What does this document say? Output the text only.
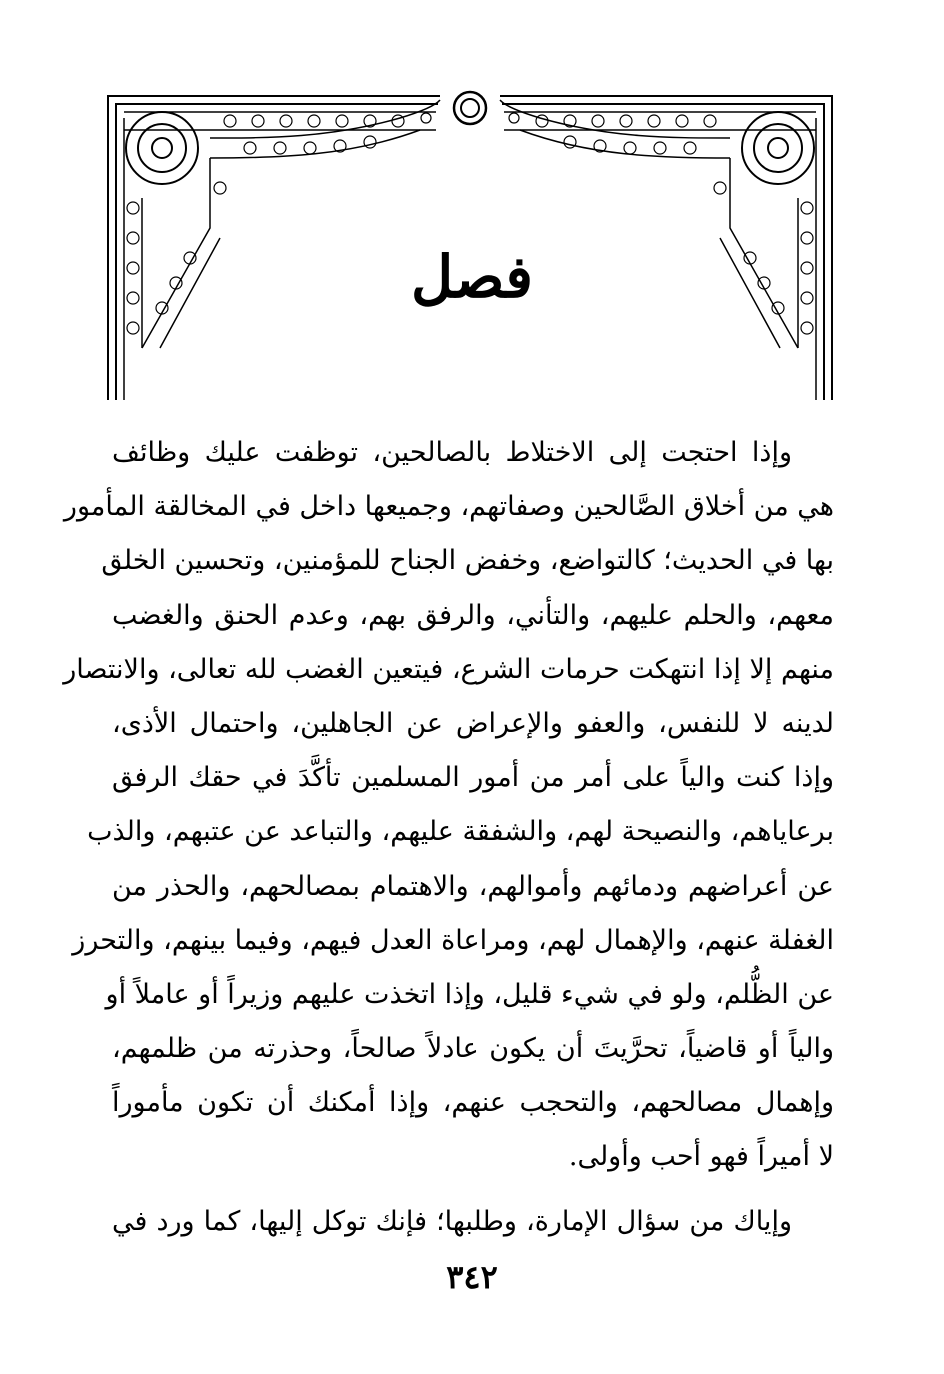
فصل
وإذا احتجت إلى الاختلاط بالصالحين، توظفت عليك وظائف
هي من أخلاق الصَّالحين وصفاتهم، وجميعها داخل في المخالقة المأمور
بها في الحديث؛ كالتواضع، وخفض الجناح للمؤمنين، وتحسين الخلق
معهم، والحلم عليهم، والتأني، والرفق بهم، وعدم الحنق والغضب
منهم إلا إذا انتهكت حرمات الشرع، فيتعين الغضب لله تعالى، والانتصار
لدينه لا للنفس، والعفو والإعراض عن الجاهلين، واحتمال الأذى،
وإذا كنت والياً على أمر من أمور المسلمين تأكَّدَ في حقك الرفق
برعاياهم، والنصيحة لهم، والشفقة عليهم، والتباعد عن عتبهم، والذب
عن أعراضهم ودمائهم وأموالهم، والاهتمام بمصالحهم، والحذر من
الغفلة عنهم، والإهمال لهم، ومراعاة العدل فيهم، وفيما بينهم، والتحرز
عن الظُّلم، ولو في شيء قليل، وإذا اتخذت عليهم وزيراً أو عاملاً أو
والياً أو قاضياً، تحرَّيتَ أن يكون عادلاً صالحاً، وحذرته من ظلمهم،
وإهمال مصالحهم، والتحجب عنهم، وإذا أمكنك أن تكون مأموراً
لا أميراً فهو أحب وأولى.
وإياك من سؤال الإمارة، وطلبها؛ فإنك توكل إليها، كما ورد في
٣٤٢
